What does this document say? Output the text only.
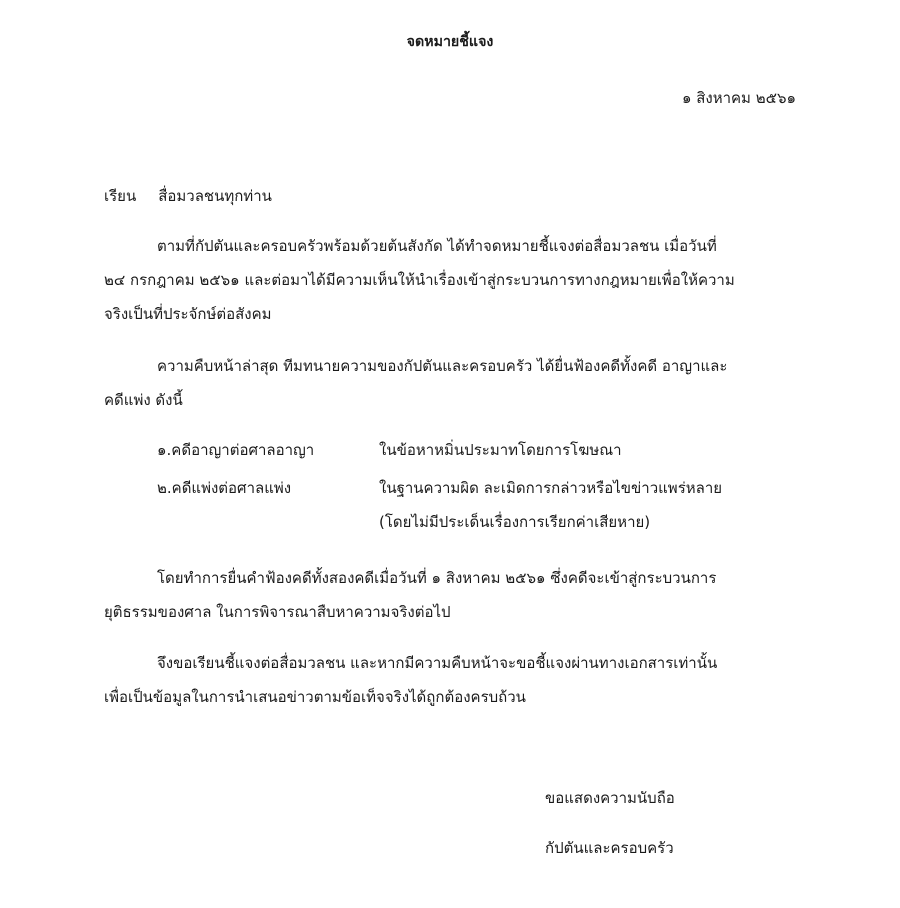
จดหมายชี้แจง
๑ สิงหาคม ๒๕๖๑
เรียน สื่อมวลชนทุกท่าน
ตามที่กัปตันและครอบครัวพร้อมด้วยต้นสังกัด ได้ทำจดหมายชี้แจงต่อสื่อมวลชน เมื่อวันที่
๒๔ กรกฎาคม ๒๕๖๑ และต่อมาได้มีความเห็นให้นำเรื่องเข้าสู่กระบวนการทางกฎหมายเพื่อให้ความ
จริงเป็นที่ประจักษ์ต่อสังคม
ความคืบหน้าล่าสุด ทีมทนายความของกัปตันและครอบครัว ได้ยื่นฟ้องคดีทั้งคดี อาญาและ
คดีแพ่ง ดังนี้
๑.คดีอาญาต่อศาลอาญา	ในข้อหาหมิ่นประมาทโดยการโฆษณา
๒.คดีแพ่งต่อศาลแพ่ง	ในฐานความผิด ละเมิดการกล่าวหรือไขข่าวแพร่หลาย
(โดยไม่มีประเด็นเรื่องการเรียกค่าเสียหาย)
โดยทำการยื่นคำฟ้องคดีทั้งสองคดีเมื่อวันที่ ๑ สิงหาคม ๒๕๖๑ ซึ่งคดีจะเข้าสู่กระบวนการ
ยุติธรรมของศาล ในการพิจารณาสืบหาความจริงต่อไป
จึงขอเรียนชี้แจงต่อสื่อมวลชน และหากมีความคืบหน้าจะขอชี้แจงผ่านทางเอกสารเท่านั้น
เพื่อเป็นข้อมูลในการนำเสนอข่าวตามข้อเท็จจริงได้ถูกต้องครบถ้วน
ขอแสดงความนับถือ
กัปตันและครอบครัว
